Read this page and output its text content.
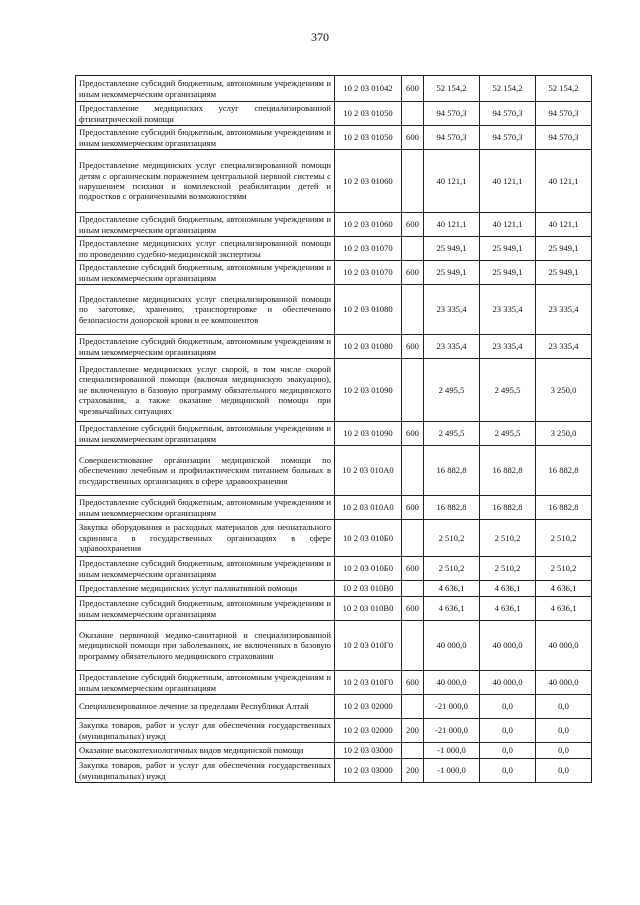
370
Предоставление субсидий бюджетным, автономным учреждениям и иным некоммерческим организациям	10 2 03 01042	600	52 154,2	52 154,2	52 154,2
Предоставление медицинских услуг специализированной фтизиатрической помощи	10 2 03 01050		94 570,3	94 570,3	94 570,3
Предоставление субсидий бюджетным, автономным учреждениям и иным некоммерческим организациям	10 2 03 01050	600	94 570,3	94 570,3	94 570,3
Предоставление медицинских услуг специализированной помощи детям с органическим поражением центральной нервной системы с нарушением психики и комплексной реабилитации детей и подростков с ограниченными возможностями	10 2 03 01060		40 121,1	40 121,1	40 121,1
Предоставление субсидий бюджетным, автономным учреждениям и иным некоммерческим организациям	10 2 03 01060	600	40 121,1	40 121,1	40 121,1
Предоставление медицинских услуг специализированной помощи по проведению судебно-медицинской экспертизы	10 2 03 01070		25 949,1	25 949,1	25 949,1
Предоставление субсидий бюджетным, автономным учреждениям и иным некоммерческим организациям	10 2 03 01070	600	25 949,1	25 949,1	25 949,1
Предоставление медицинских услуг специализированной помощи по заготовке, хранению, транспортировке и обеспечению безопасности донорской крови и ее компонентов	10 2 03 01080		23 335,4	23 335,4	23 335,4
Предоставление субсидий бюджетным, автономным учреждениям и иным некоммерческим организациям	10 2 03 01080	600	23 335,4	23 335,4	23 335,4
Предоставление медицинских услуг скорой, в том числе скорой специализированной помощи (включая медицинскую эвакуацию), не включенную в базовую программу обязательного медицинского страхования, а также оказание медицинской помощи при чрезвычайных ситуациях	10 2 03 01090		2 495,5	2 495,5	3 250,0
Предоставление субсидий бюджетным, автономным учреждениям и иным некоммерческим организациям	10 2 03 01090	600	2 495,5	2 495,5	3 250,0
Совершенствование организации медицинской помощи по обеспечению лечебным и профилактическим питанием больных в государственных организациях в сфере здравоохранения	10 2 03 010А0		16 882,8	16 882,8	16 882,8
Предоставление субсидий бюджетным, автономным учреждениям и иным некоммерческим организациям	10 2 03 010А0	600	16 882,8	16 882,8	16 882,8
Закупка оборудования и расходных материалов для неонатального скрининга в государственных организациях в сфере здравоохранения	10 2 03 010Б0		2 510,2	2 510,2	2 510,2
Предоставление субсидий бюджетным, автономным учреждениям и иным некоммерческим организациям	10 2 03 010Б0	600	2 510,2	2 510,2	2 510,2
Предоставление медицинских услуг паллиативной помощи	10 2 03 010В0		4 636,1	4 636,1	4 636,1
Предоставление субсидий бюджетным, автономным учреждениям и иным некоммерческим организациям	10 2 03 010В0	600	4 636,1	4 636,1	4 636,1
Оказание первичной медико-санитарной и специализированной медицинской помощи при заболеваниях, не включенных в базовую программу обязательного медицинского страхования	10 2 03 010Г0		40 000,0	40 000,0	40 000,0
Предоставление субсидий бюджетным, автономным учреждениям и иным некоммерческим организациям	10 2 03 010Г0	600	40 000,0	40 000,0	40 000,0
Специализированное лечение за пределами Республики Алтай	10 2 03 02000		-21 000,0	0,0	0,0
Закупка товаров, работ и услуг для обеспечения государственных (муниципальных) нужд	10 2 03 02000	200	-21 000,0	0,0	0,0
Оказание высокотехнологичных видов медицинской помощи	10 2 03 03000		-1 000,0	0,0	0,0
Закупка товаров, работ и услуг для обеспечения государственных (муниципальных) нужд	10 2 03 03000	200	-1 000,0	0,0	0,0
